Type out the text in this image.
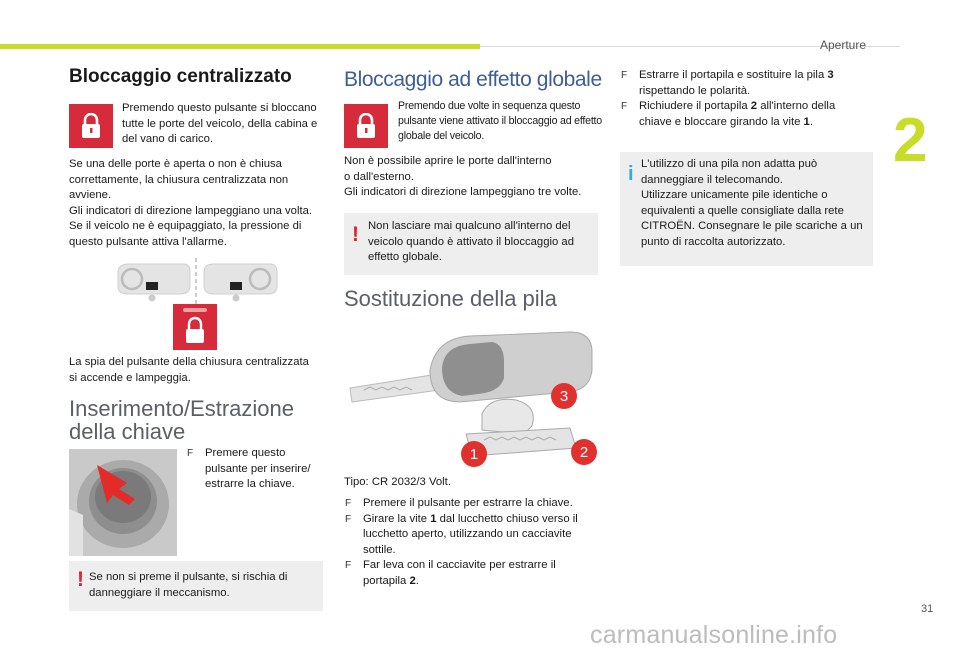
Aperture
2
31
carmanualsonline.info
Bloccaggio centralizzato

Premendo questo pulsante si bloccano tutte le porte del veicolo, della cabina e del vano di carico.

Se una delle porte è aperta o non è chiusa correttamente, la chiusura centralizzata non avviene.

Gli indicatori di direzione lampeggiano una volta.

Se il veicolo ne è equipaggiato, la pressione di questo pulsante attiva l'allarme.

La spia del pulsante della chiusura centralizzata si accende e lampeggia.

Inserimento/Estrazione
della chiave
F Premere questo pulsante per inserire/ estrarre la chiave.
! Se non si preme il pulsante, si rischia di danneggiare il meccanismo.

Bloccaggio ad effetto globale

Premendo due volte in sequenza questo pulsante viene attivato il bloccaggio ad effetto globale del veicolo.

Non è possibile aprire le porte dall'interno

o dall'esterno.

Gli indicatori di direzione lampeggiano tre volte.

! Non lasciare mai qualcuno all'interno del veicolo quando è attivato il bloccaggio ad effetto globale.

Sostituzione della pila
3
1	2

Tipo: CR 2032/3 Volt.

F Premere il pulsante per estrarre la chiave.
F Girare la vite 1 dal lucchetto chiuso verso il lucchetto aperto, utilizzando un cacciavite sottile.
F Far leva con il cacciavite per estrarre il portapila 2.
F Estrarre il portapila e sostituire la pila 3 rispettando le polarità.
F Richiudere il portapila 2 all'interno della chiave e bloccare girando la vite 1.
i L'utilizzo di una pila non adatta può danneggiare il telecomando.

Utilizzare unicamente pile identiche o equivalenti a quelle consigliate dalla rete CITROËN. Consegnare le pile scariche a un punto di raccolta autorizzato.
